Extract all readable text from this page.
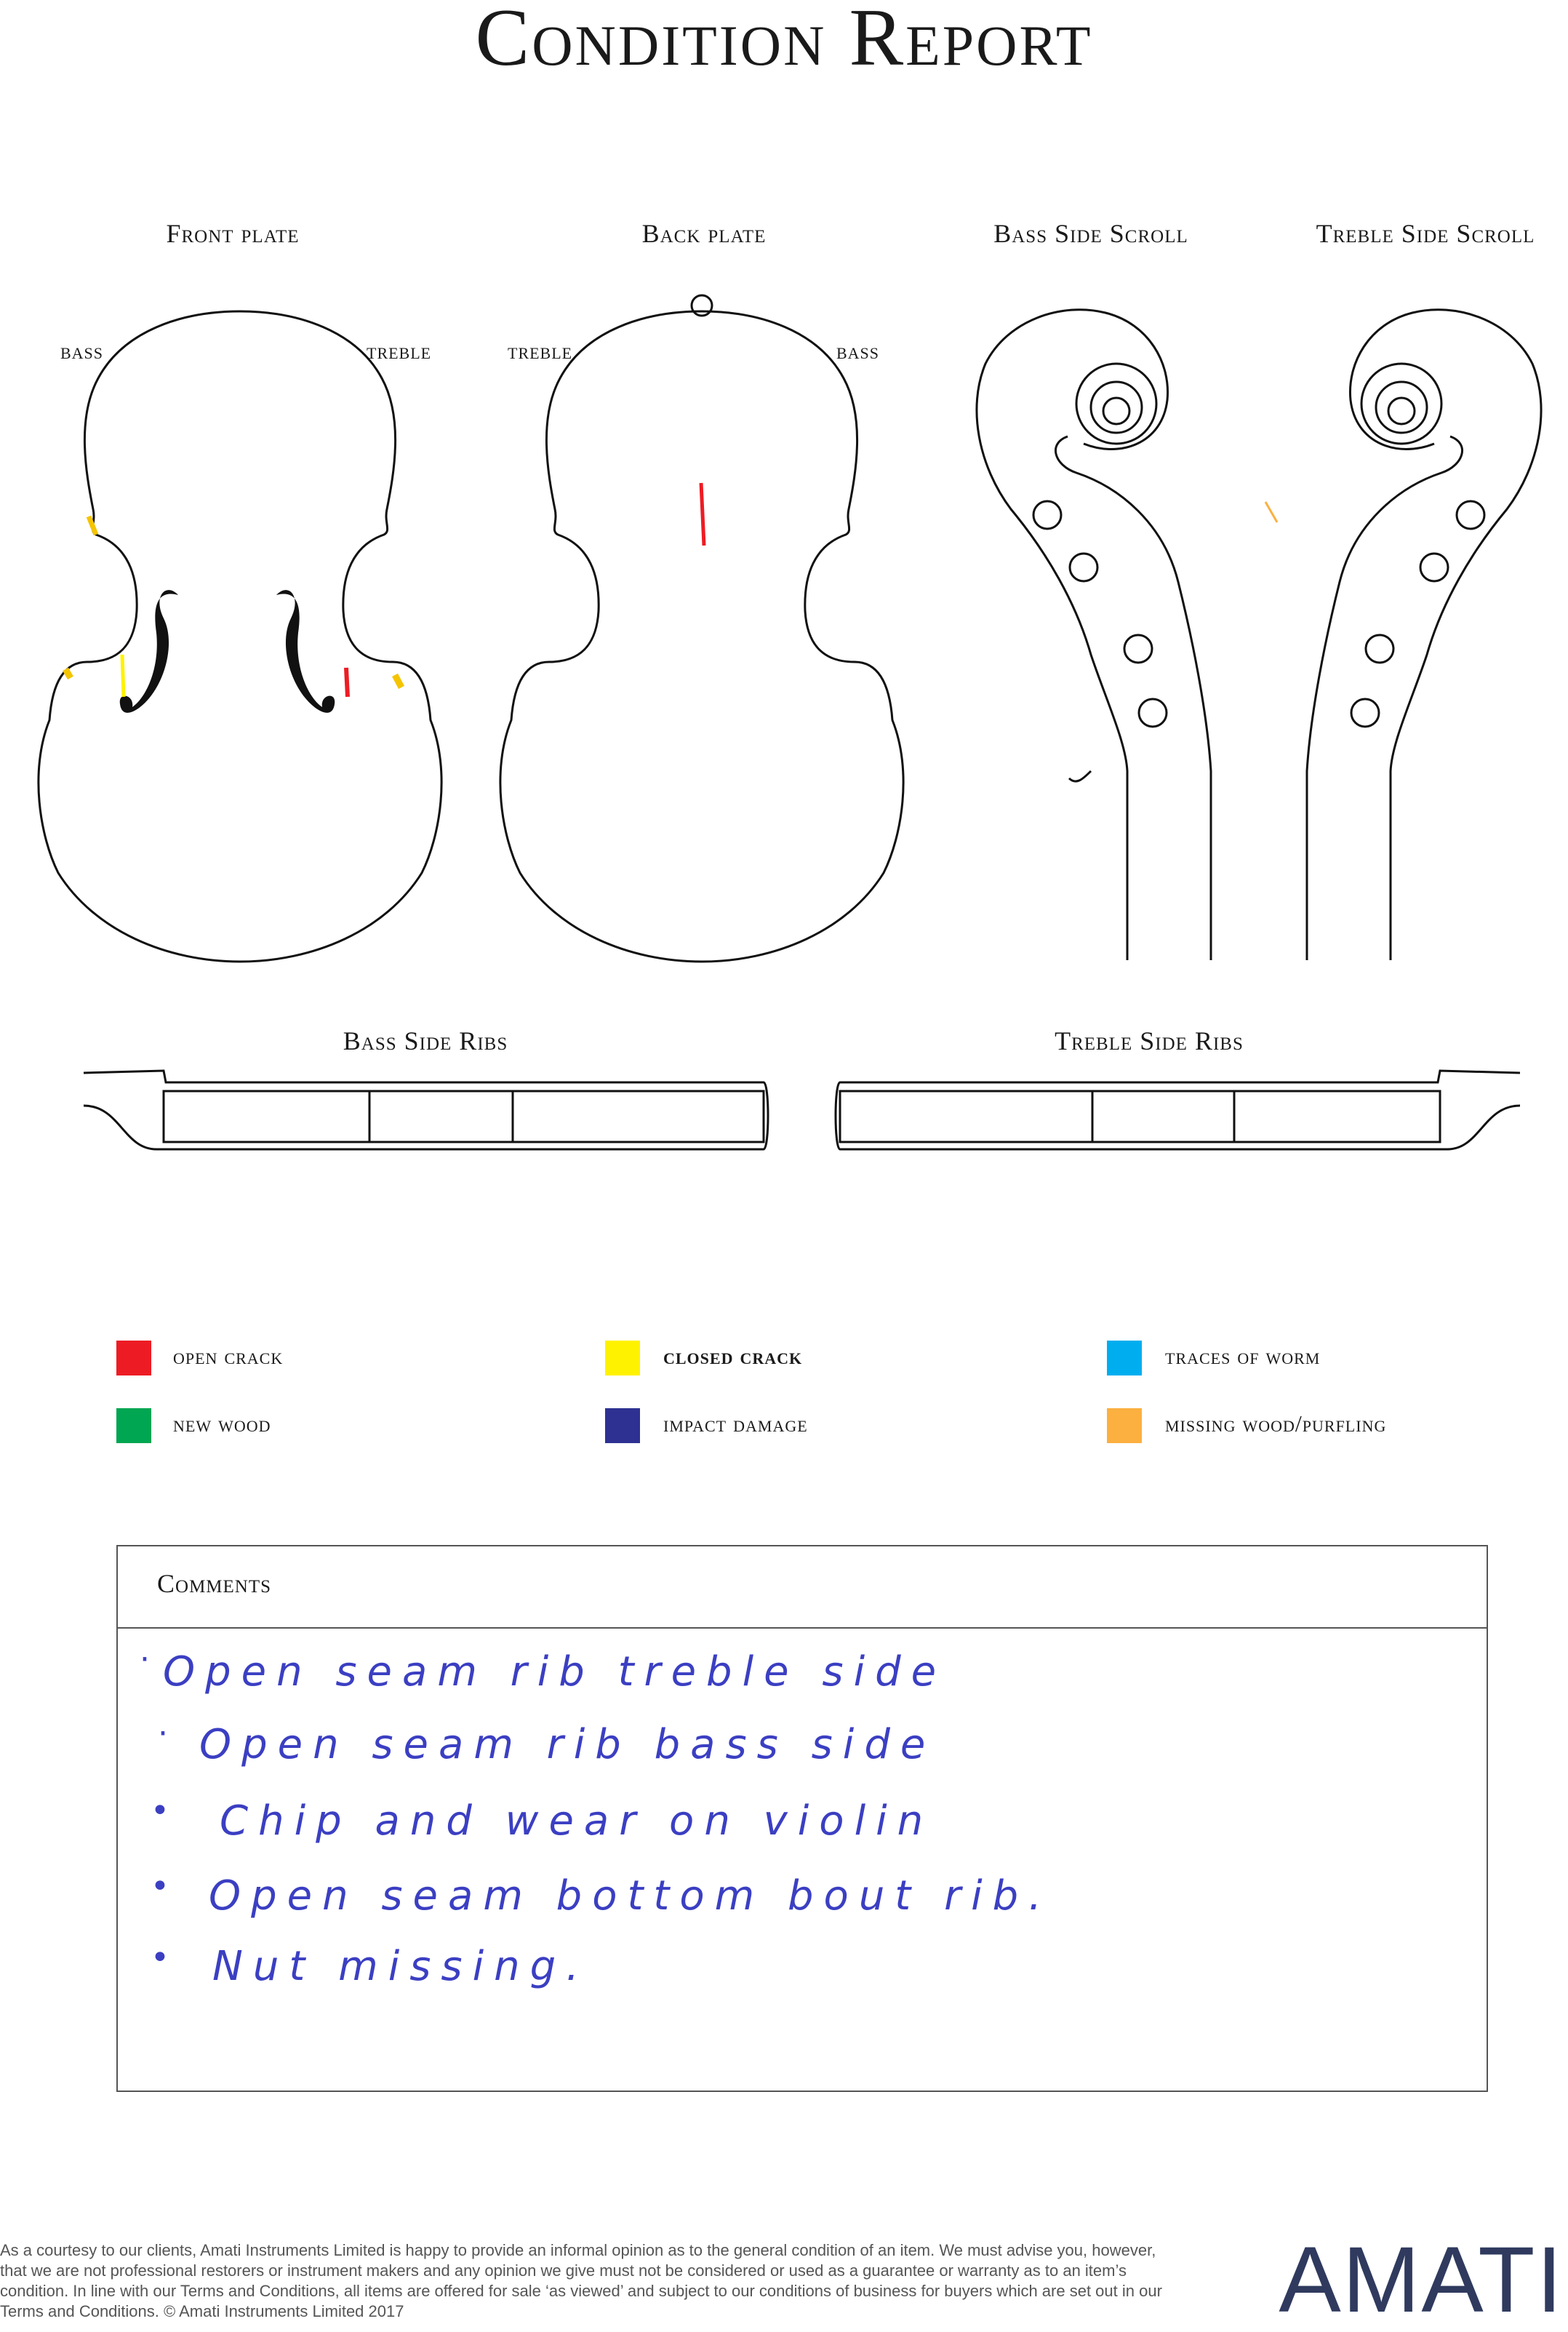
Condition Report
Front plate	Back plate	Bass Side Scroll	Treble Side Scroll
Bass Side Ribs	Treble Side Ribs
BASS	TREBLE	TREBLE	BASS
open crack	closed crack	traces of worm
new wood	impact damage	missing wood/purfling
Comments
· Open seam rib treble side
· Open seam rib bass side
• Chip and wear on violin
• Open seam bottom bout rib.
• Nut missing.
As a courtesy to our clients, Amati Instruments Limited is happy to provide an informal opinion as to the general condition of an item. We must advise you, however, that we are not professional restorers or instrument makers and any opinion we give must not be considered or used as a guarantee or warranty as to an item’s condition. In line with our Terms and Conditions, all items are offered for sale ‘as viewed’ and subject to our conditions of business for buyers which are set out in our Terms and Conditions. © Amati Instruments Limited 2017	AMATI
